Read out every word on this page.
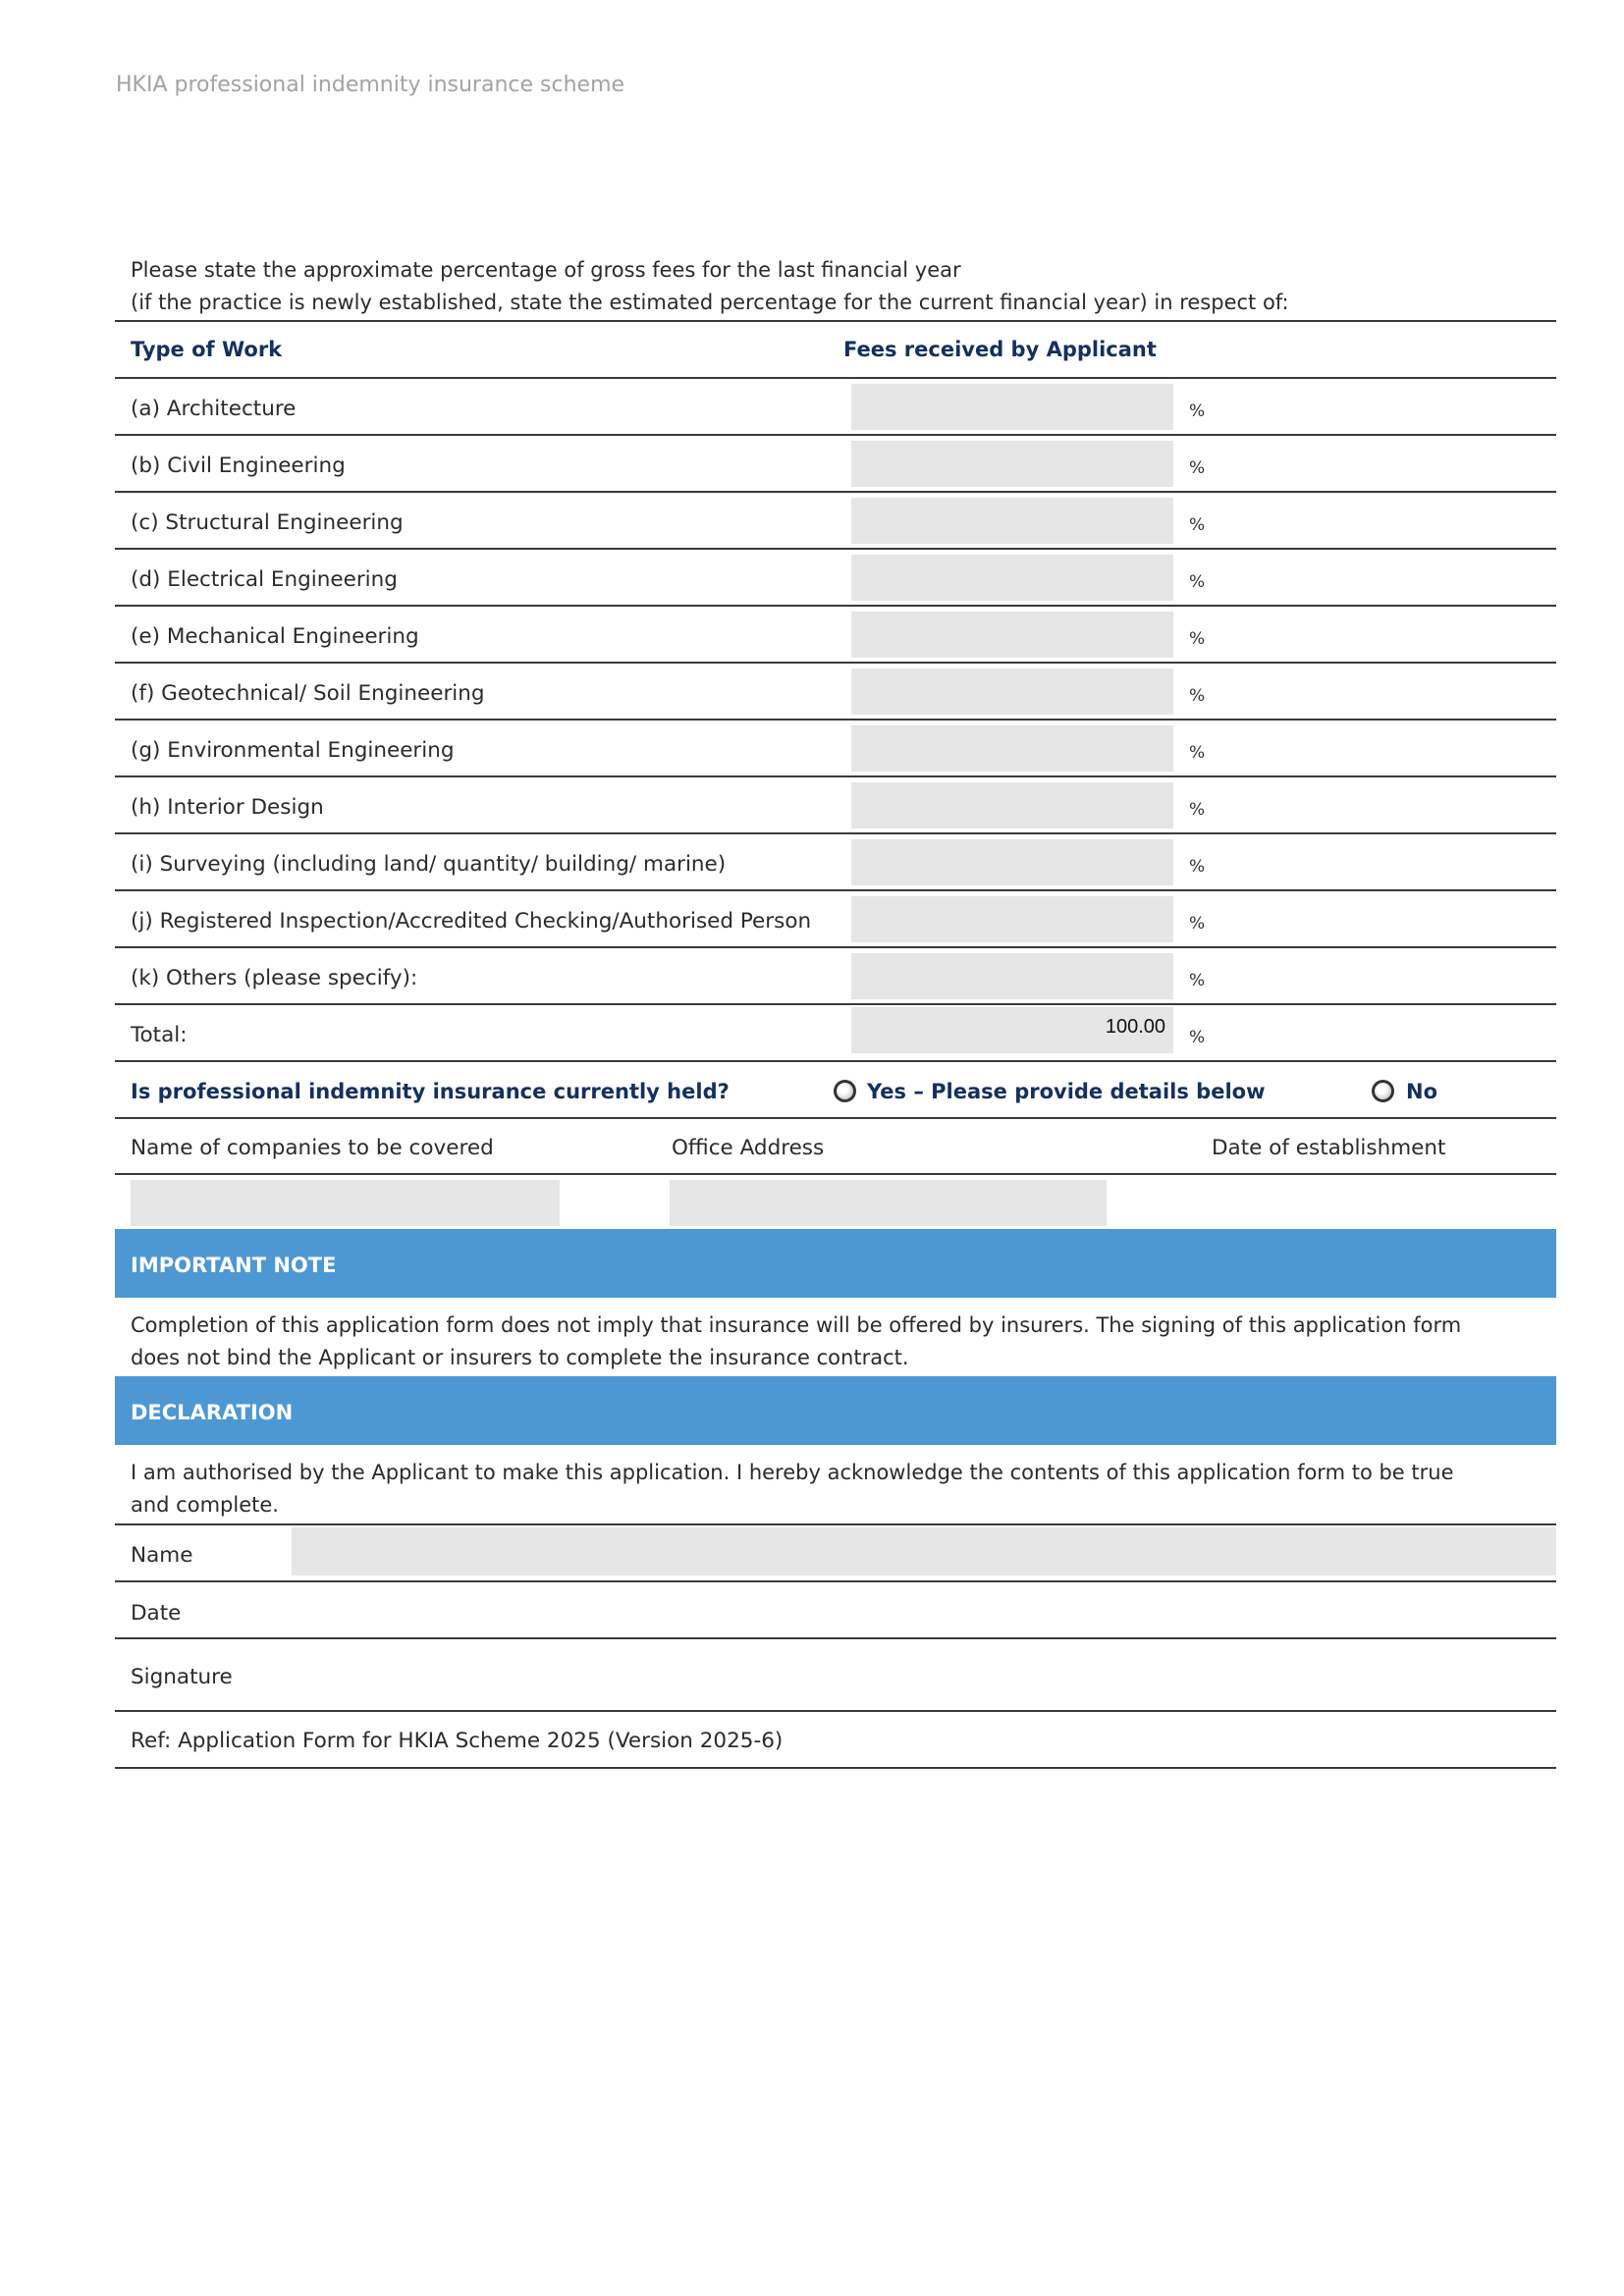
HKIA professional indemnity insurance scheme

Please state the approximate percentage of gross fees for the last financial year

(if the practice is newly established, state the estimated percentage for the current financial year) in respect of:

Type of Work	Fees received by Applicant
(a) Architecture	%
(b) Civil Engineering	%
(c) Structural Engineering	%
(d) Electrical Engineering	%
(e) Mechanical Engineering	%
(f) Geotechnical/ Soil Engineering	%
(g) Environmental Engineering	%
(h) Interior Design	%
(i) Surveying (including land/ quantity/ building/ marine)	%
(j) Registered Inspection/Accredited Checking/Authorised Person	%
(k) Others (please specify):	%
Total:	100.00	%
Is professional indemnity insurance currently held?	Yes – Please provide details below	No
Name of companies to be covered	Office Address	Date of establishment
IMPORTANT NOTE

Completion of this application form does not imply that insurance will be offered by insurers. The signing of this application form

does not bind the Applicant or insurers to complete the insurance contract.

DECLARATION

I am authorised by the Applicant to make this application. I hereby acknowledge the contents of this application form to be true

and complete.

Name
Date
Signature
Ref: Application Form for HKIA Scheme 2025 (Version 2025-6)
